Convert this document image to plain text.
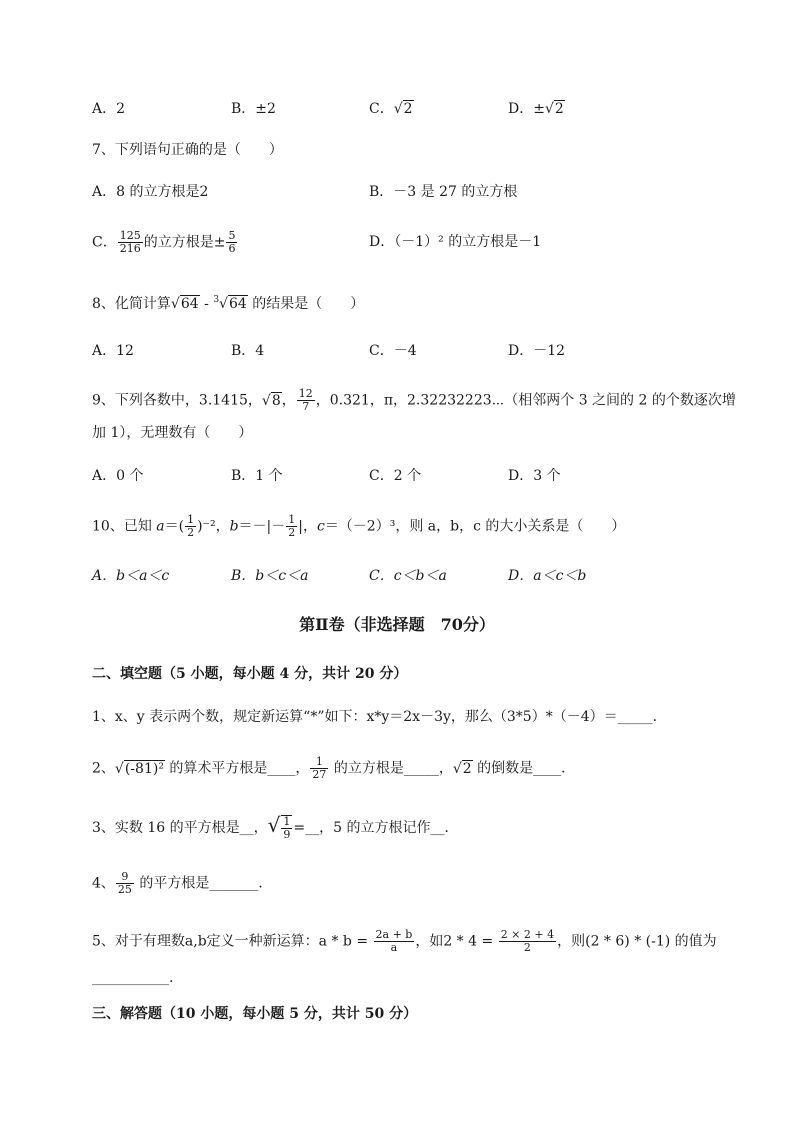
A．2	B．±2	C．√2	D．±√2
7、下列语句正确的是（　　）
A．8 的立方根是2	B．－3 是 27 的立方根
C． $\frac{125}{216}$ 的立方根是± $\frac{5}{6}$	D．（－1）² 的立方根是－1
8、化简计算√64 - $^3$√64 的结果是（　　）
A．12	B．4	C．－4	D．－12
9、下列各数中，3.1415，√8， $\frac{12}{7}$ ，0.321，π，2.32232223⋯（相邻两个 3 之间的 2 的个数逐次增
加 1），无理数有（　　）
A．0 个	B．1 个	C．2 个	D．3 个
10、已知 $a=( \frac{1}{2} )^{-2}$，$b=-|- \frac{1}{2}$ |，c＝（－2）³，则 a，b，c 的大小关系是（　　）
A．b＜a＜c	B．b＜c＜a	C．c＜b＜a	D．a＜c＜b
第Ⅱ卷（非选择题　70分）
二、填空题（5 小题，每小题 4 分，共计 20 分）
1、x、y 表示两个数，规定新运算“*”如下：x*y＝2x－3y，那么（3*5）*（－4）＝_____．
2、√(-81)² 的算术平方根是____， $\frac{1}{27}$ 的立方根是_____，√2 的倒数是____．
3、实数 16 的平方根是__，√ $\frac{1}{9}$ =__，5 的立方根记作__．
4、 $\frac{9}{25}$ 的平方根是_______．
5、对于有理数a,b定义一种新运算：$a * b = \frac{2a + b}{a}$ ，如$2 * 4 = \frac{2 \times 2 + 4}{2}$ ，则(2 * 6) * (-1) 的值为
___________.
三、解答题（10 小题，每小题 5 分，共计 50 分）
